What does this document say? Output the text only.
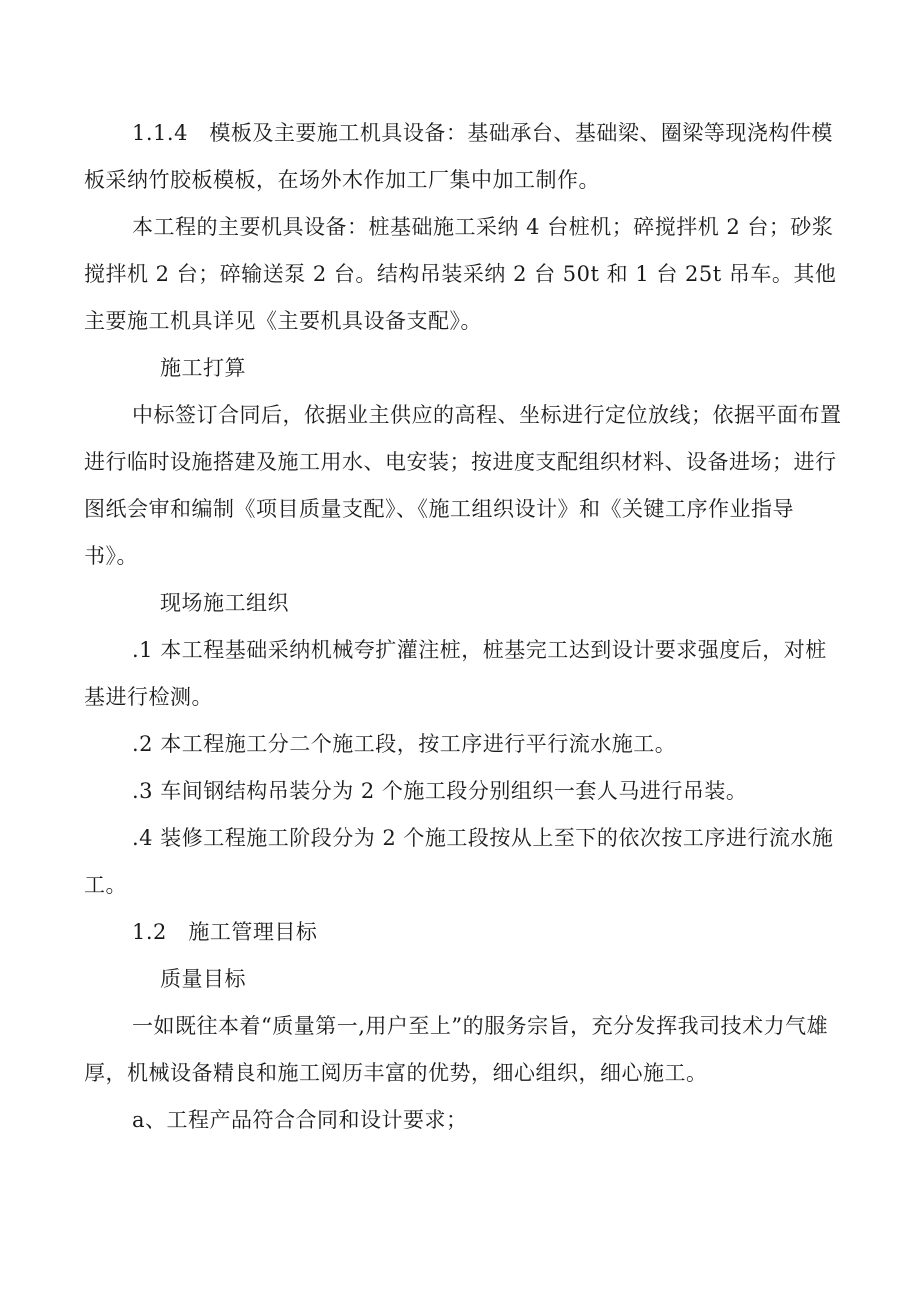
1.1.4　模板及主要施工机具设备：基础承台、基础梁、圈梁等现浇构件模板采纳竹胶板模板，在场外木作加工厂集中加工制作。

本工程的主要机具设备：桩基础施工采纳 4 台桩机；碎搅拌机 2 台；砂浆搅拌机 2 台；碎输送泵 2 台。结构吊装采纳 2 台 50t 和 1 台 25t 吊车。其他主要施工机具详见《主要机具设备支配》。

施工打算

中标签订合同后，依据业主供应的高程、坐标进行定位放线；依据平面布置进行临时设施搭建及施工用水、电安装；按进度支配组织材料、设备进场；进行图纸会审和编制《项目质量支配》、《施工组织设计》和《关键工序作业指导书》。

现场施工组织

.1 本工程基础采纳机械夸扩灌注桩，桩基完工达到设计要求强度后，对桩基进行检测。

.2 本工程施工分二个施工段，按工序进行平行流水施工。

.3 车间钢结构吊装分为 2 个施工段分别组织一套人马进行吊装。

.4 装修工程施工阶段分为 2 个施工段按从上至下的依次按工序进行流水施工。

1.2　施工管理目标

质量目标

一如既往本着“质量第一,用户至上”的服务宗旨，充分发挥我司技术力气雄厚，机械设备精良和施工阅历丰富的优势，细心组织，细心施工。

a、工程产品符合合同和设计要求；
